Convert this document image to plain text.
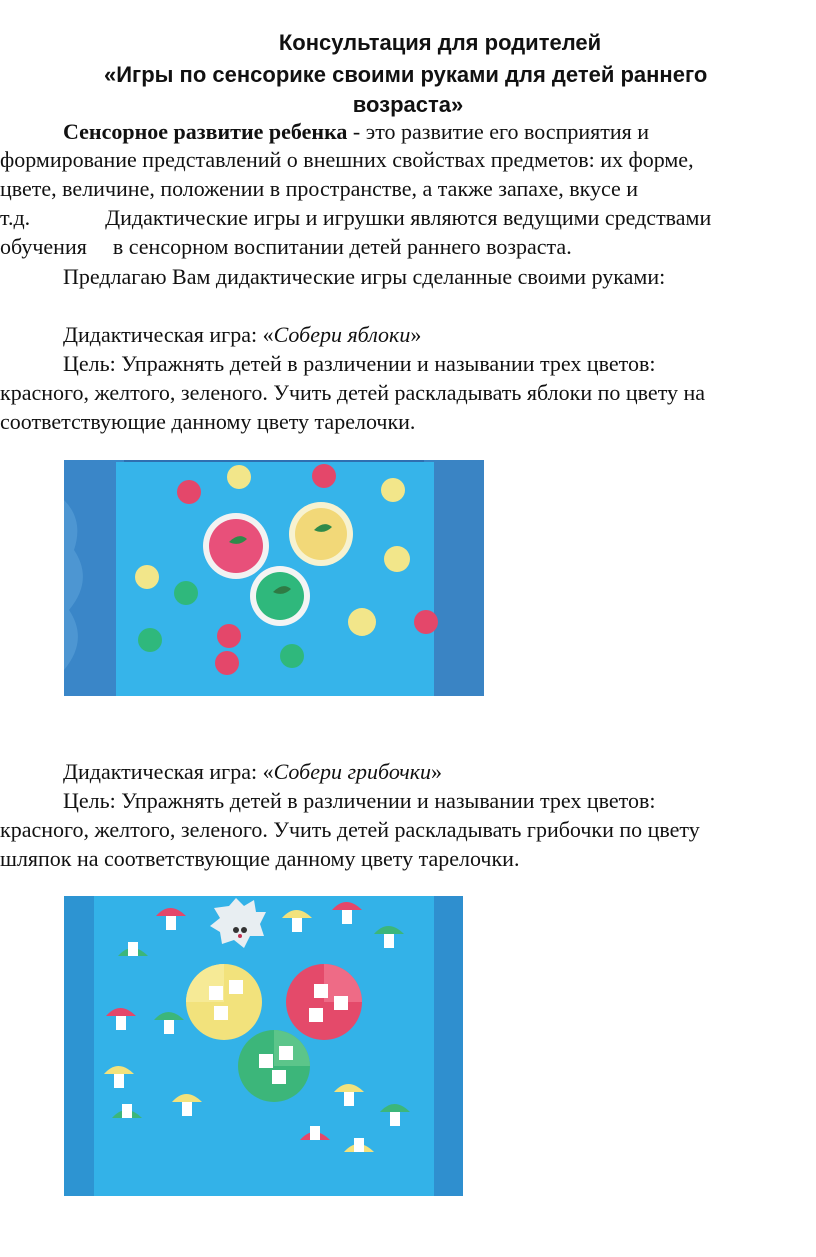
Консультация для родителей
«Игры по сенсорике своими руками для детей раннего
возраста»
Сенсорное развитие ребенка - это развитие его восприятия и
формирование представлений о внешних свойствах предметов: их форме,
цвете, величине, положении в пространстве, а также запахе, вкусе и
т.д.	Дидактические игры и игрушки являются ведущими средствами
обучения в сенсорном воспитании детей раннего возраста.
Предлагаю Вам дидактические игры сделанные своими руками:
Дидактическая игра: «Собери яблоки»
Цель: Упражнять детей в различении и назывании трех цветов:
красного, желтого, зеленого. Учить детей раскладывать яблоки по цвету на
соответствующие данному цвету тарелочки.
Дидактическая игра: «Собери грибочки»
Цель: Упражнять детей в различении и назывании трех цветов:
красного, желтого, зеленого. Учить детей раскладывать грибочки по цвету
шляпок на соответствующие данному цвету тарелочки.
